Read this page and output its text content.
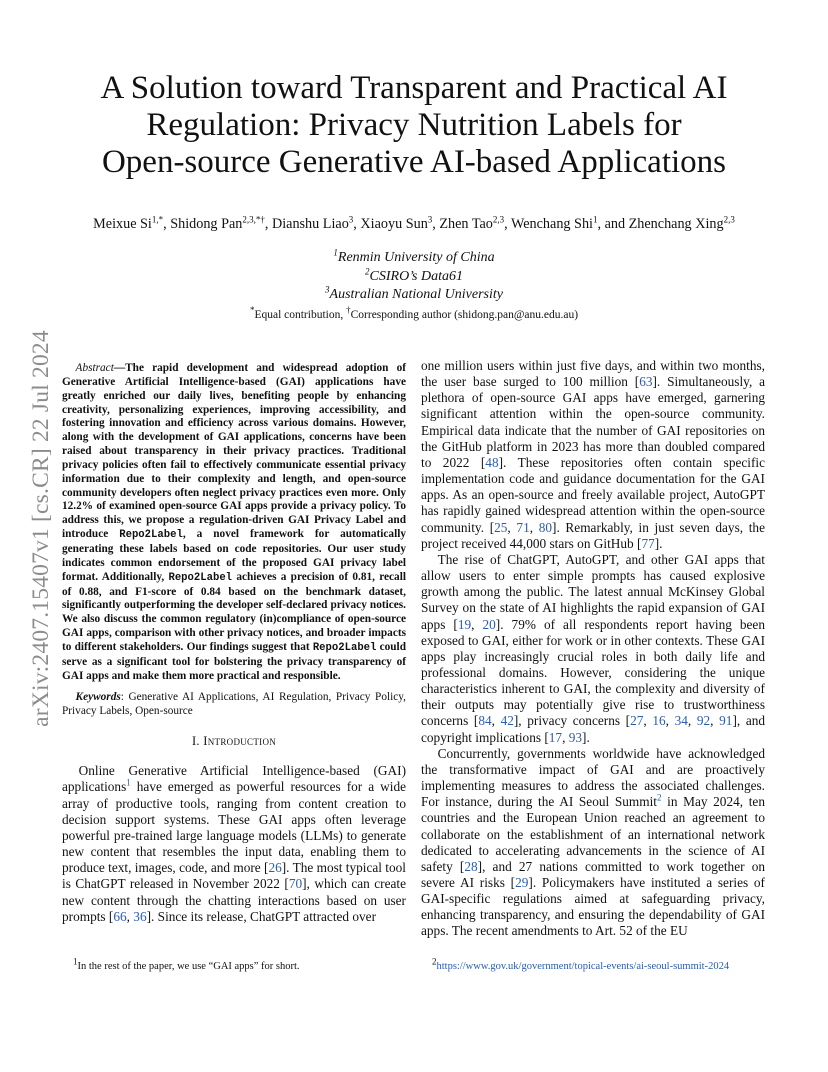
arXiv:2407.15407v1 [cs.CR] 22 Jul 2024
A Solution toward Transparent and Practical AI
Regulation: Privacy Nutrition Labels for
Open-source Generative AI-based Applications
Meixue $Si^{1,*}$, Shidong Pan$^{2,3,*\dagger}$, Dianshu Liao$^3$, Xiaoyu Sun$^3$, Zhen Tao$^{2,3}$, Wenchang Shi$^1$, and Zhenchang Xing$^{2,3}$
$^1$Renmin University of China
$^2$CSIRO’s Data61
$^3$Australian National University
*Equal contribution, †Corresponding author (shidong.pan@anu.edu.au)

Abstract—The rapid development and widespread adoption of Generative Artificial Intelligence-based (GAI) applications have greatly enriched our daily lives, benefiting people by enhancing creativity, personalizing experiences, improving accessibility, and fostering innovation and efficiency across various domains. However, along with the development of GAI applications, concerns have been raised about transparency in their privacy practices. Traditional privacy policies often fail to effectively communicate essential privacy information due to their complexity and length, and open-source community developers often neglect privacy practices even more. Only 12.2% of examined open-source GAI apps provide a privacy policy. To address this, we propose a regulation-driven GAI Privacy Label and introduce Repo2Label, a novel framework for automatically generating these labels based on code repositories. Our user study indicates common endorsement of the proposed GAI privacy label format. Additionally, Repo2Label achieves a precision of 0.81, recall of 0.88, and F1-score of 0.84 based on the benchmark dataset, significantly outperforming the developer self-declared privacy notices. We also discuss the common regulatory (in)compliance of open-source GAI apps, comparison with other privacy notices, and broader impacts to different stakeholders. Our findings suggest that Repo2Label could serve as a significant tool for bolstering the privacy transparency of GAI apps and make them more practical and responsible.

Keywords: Generative AI Applications, AI Regulation, Privacy Policy, Privacy Labels, Open-source

I. Introduction

Online Generative Artificial Intelligence-based (GAI) applications$^1$ have emerged as powerful resources for a wide array of productive tools, ranging from content creation to decision support systems. These GAI apps often leverage powerful pre-trained large language models (LLMs) to generate new content that resembles the input data, enabling them to produce text, images, code, and more [26]. The most typical tool is ChatGPT released in November 2022 [70], which can create new content through the chatting interactions based on user prompts [66, 36]. Since its release, ChatGPT attracted over

one million users within just five days, and within two months, the user base surged to 100 million [63]. Simultaneously, a plethora of open-source GAI apps have emerged, garnering significant attention within the open-source community. Empirical data indicate that the number of GAI repositories on the GitHub platform in 2023 has more than doubled compared to 2022 [48]. These repositories often contain specific implementation code and guidance documentation for the GAI apps. As an open-source and freely available project, AutoGPT has rapidly gained widespread attention within the open-source community. [25, 71, 80]. Remarkably, in just seven days, the project received 44,000 stars on GitHub [77].

The rise of ChatGPT, AutoGPT, and other GAI apps that allow users to enter simple prompts has caused explosive growth among the public. The latest annual McKinsey Global Survey on the state of AI highlights the rapid expansion of GAI apps [19, 20]. 79% of all respondents report having been exposed to GAI, either for work or in other contexts. These GAI apps play increasingly crucial roles in both daily life and professional domains. However, considering the unique characteristics inherent to GAI, the complexity and diversity of their outputs may potentially give rise to trustworthiness concerns [84, 42], privacy concerns [27, 16, 34, 92, 91], and copyright implications [17, 93].

Concurrently, governments worldwide have acknowledged the transformative impact of GAI and are proactively implementing measures to address the associated challenges. For instance, during the AI Seoul Summit$^2$ in May 2024, ten countries and the European Union reached an agreement to collaborate on the establishment of an international network dedicated to accelerating advancements in the science of AI safety [28], and 27 nations committed to work together on severe AI risks [29]. Policymakers have instituted a series of GAI-specific regulations aimed at safeguarding privacy, enhancing transparency, and ensuring the dependability of GAI apps. The recent amendments to Art. 52 of the EU

$^1$In the rest of the paper, we use “GAI apps” for short.	$^2$https://www.gov.uk/government/topical-events/ai-seoul-summit-2024
